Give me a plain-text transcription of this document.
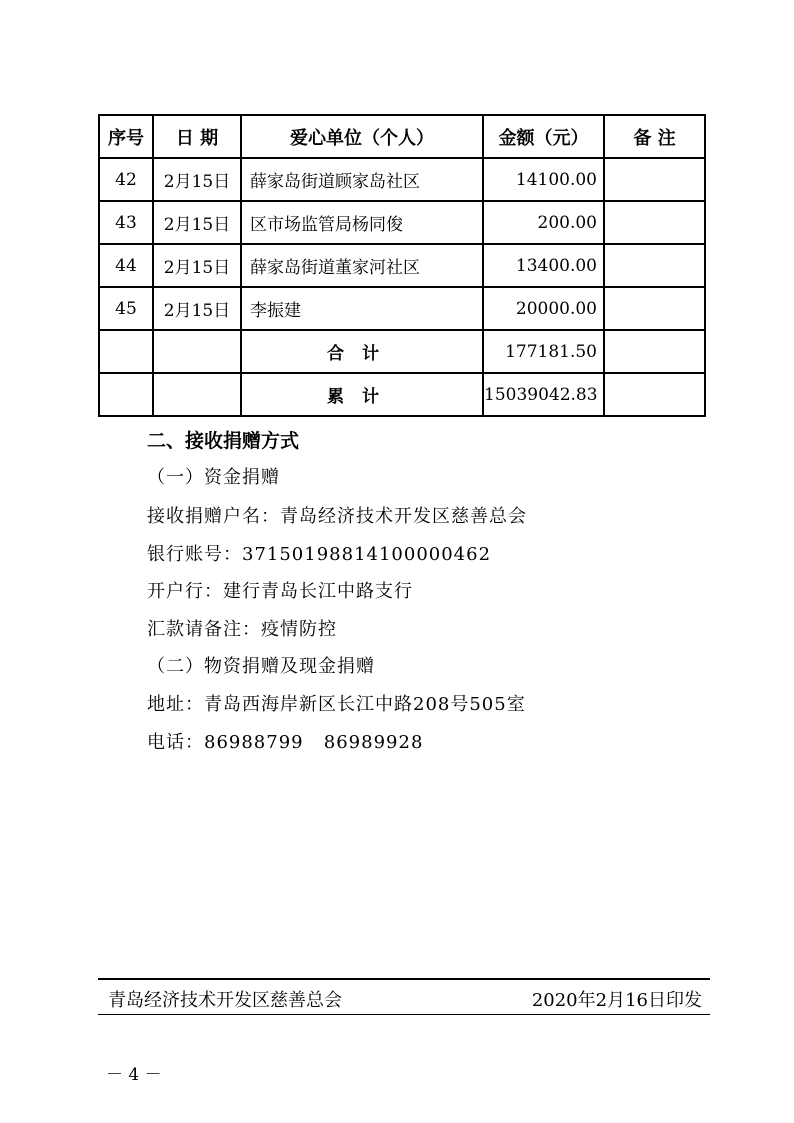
序号	日 期	爱心单位（个人）	金额（元）	备 注
42	2月15日	薛家岛街道顾家岛社区	14100.00	
43	2月15日	区市场监管局杨同俊	200.00	
44	2月15日	薛家岛街道董家河社区	13400.00	
45	2月15日	李振建	20000.00	
		合计	177181.50	
		累计	15039042.83	
二、接收捐赠方式
（一）资金捐赠
接收捐赠户名：青岛经济技术开发区慈善总会
银行账号：37150198814100000462
开户行：建行青岛长江中路支行
汇款请备注：疫情防控
（二）物资捐赠及现金捐赠
地址：青岛西海岸新区长江中路208号505室
电话：86988799   86989928
青岛经济技术开发区慈善总会	2020年2月16日印发
－ 4 －
